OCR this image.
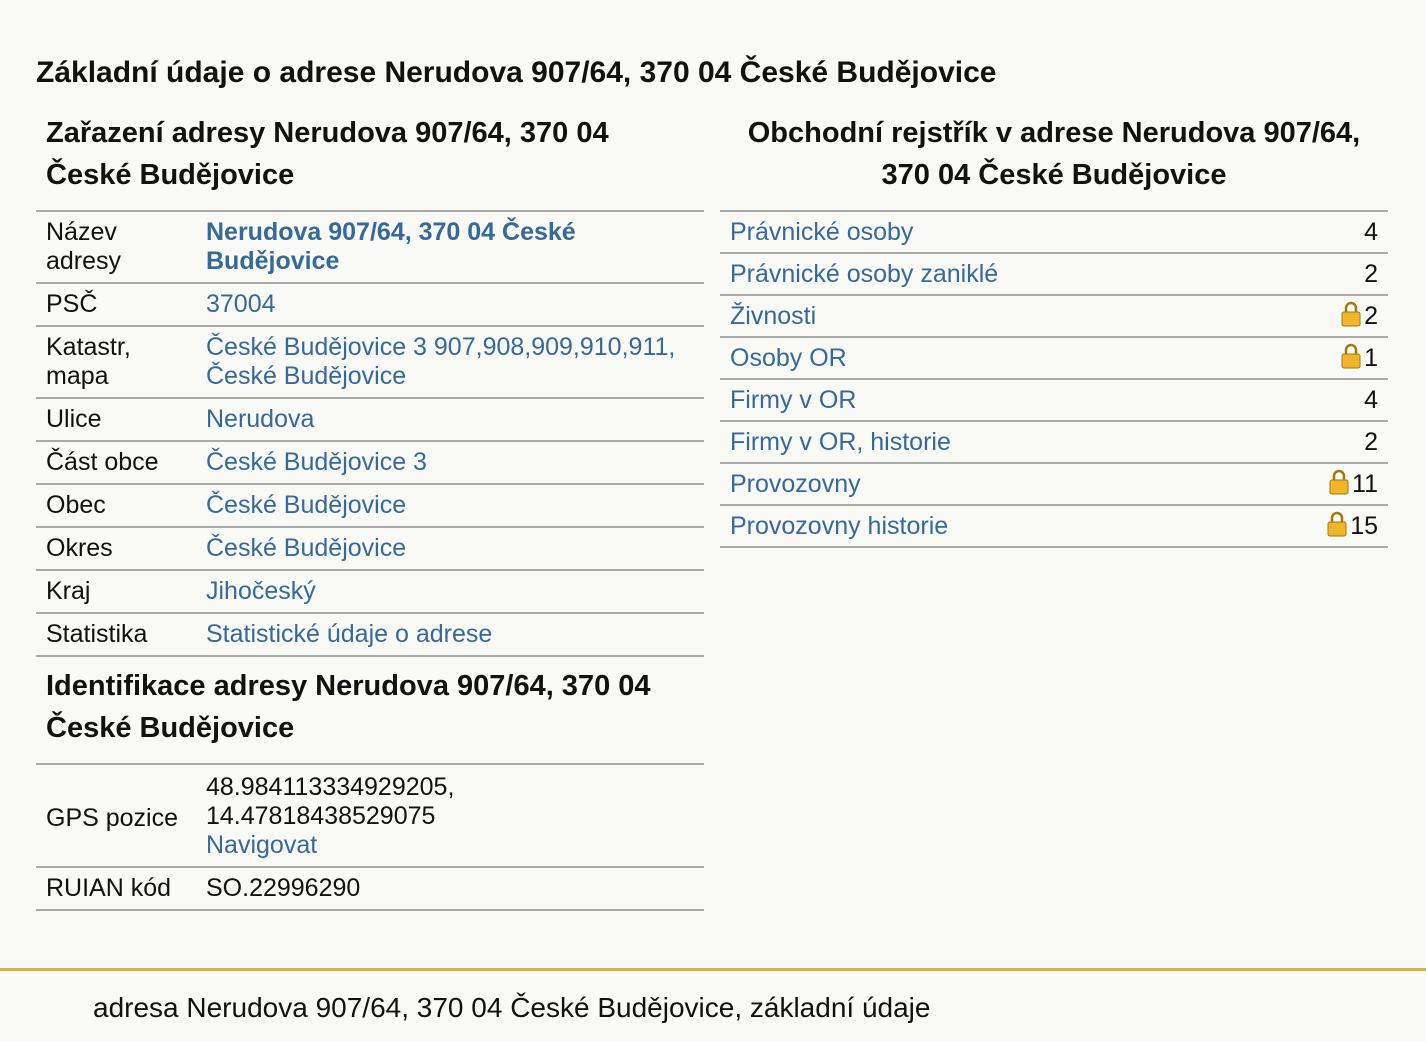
Základní údaje o adrese Nerudova 907/64, 370 04 České Budějovice
Zařazení adresy Nerudova 907/64, 370 04 České Budějovice
Název adresy	Nerudova 907/64, 370 04 České Budějovice
PSČ	37004
Katastr, mapa	České Budějovice 3 907,908,909,910,911,
České Budějovice
Ulice	Nerudova
Část obce	České Budějovice 3
Obec	České Budějovice
Okres	České Budějovice
Kraj	Jihočeský
Statistika	Statistické údaje o adrese
Identifikace adresy Nerudova 907/64, 370 04 České Budějovice
GPS pozice	48.984113334929205,
14.47818438529075
Navigovat
RUIAN kód	SO.22996290
Obchodní rejstřík v adrese Nerudova 907/64, 370 04 České Budějovice
Právnické osoby	4
Právnické osoby zaniklé	2
Živnosti	2
Osoby OR	1
Firmy v OR	4
Firmy v OR, historie	2
Provozovny	11
Provozovny historie	15
adresa Nerudova 907/64, 370 04 České Budějovice, základní údaje
